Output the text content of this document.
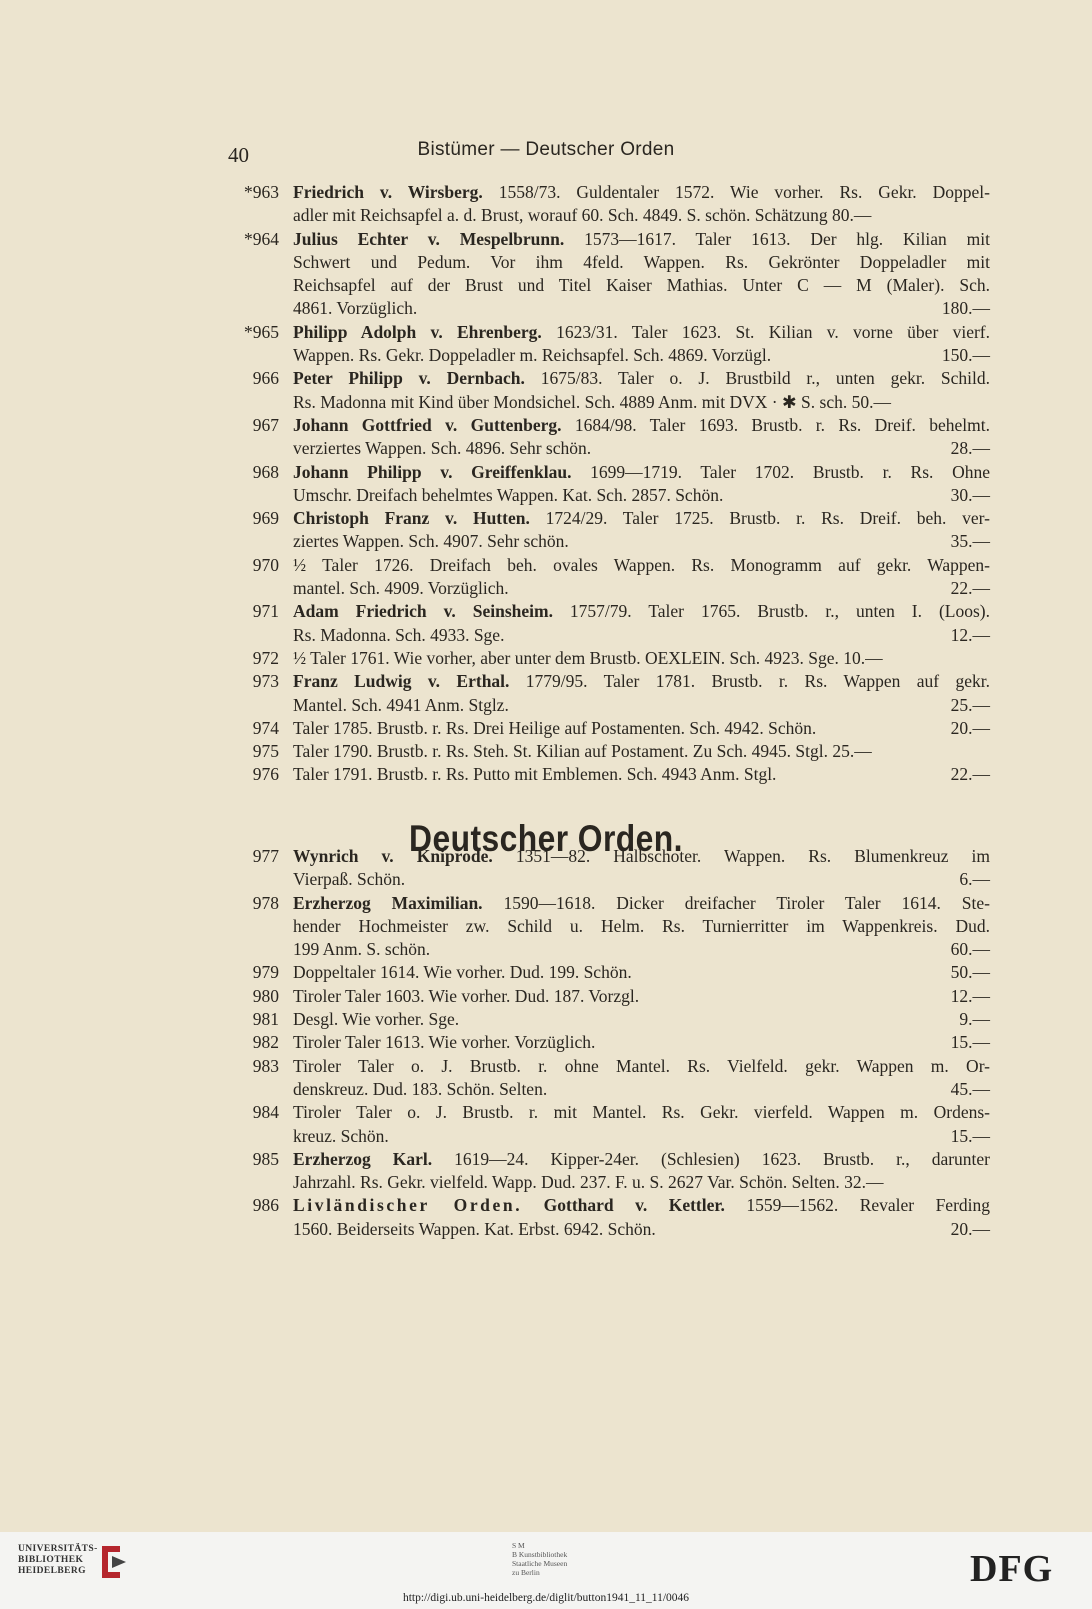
40	Bistümer — Deutscher Orden
*963 Friedrich v. Wirsberg. 1558/73. Guldentaler 1572. Wie vorher. Rs. Gekr. Doppel-
adler mit Reichsapfel a. d. Brust, worauf 60. Sch. 4849. S. schön. Schätzung 80.—
*964 Julius Echter v. Mespelbrunn. 1573—1617. Taler 1613. Der hlg. Kilian mit
Schwert und Pedum. Vor ihm 4feld. Wappen. Rs. Gekrönter Doppeladler mit
Reichsapfel auf der Brust und Titel Kaiser Mathias. Unter C — M (Maler). Sch.
4861. Vorzüglich.	180.—
*965 Philipp Adolph v. Ehrenberg. 1623/31. Taler 1623. St. Kilian v. vorne über vierf.
Wappen. Rs. Gekr. Doppeladler m. Reichsapfel. Sch. 4869. Vorzügl.	150.—
966 Peter Philipp v. Dernbach. 1675/83. Taler o. J. Brustbild r., unten gekr. Schild.
Rs. Madonna mit Kind über Mondsichel. Sch. 4889 Anm. mit DVX · ✱ S. sch. 50.—
967 Johann Gottfried v. Guttenberg. 1684/98. Taler 1693. Brustb. r. Rs. Dreif. behelmt.
verziertes Wappen. Sch. 4896. Sehr schön.	28.—
968 Johann Philipp v. Greiffenklau. 1699—1719. Taler 1702. Brustb. r. Rs. Ohne
Umschr. Dreifach behelmtes Wappen. Kat. Sch. 2857. Schön.	30.—
969 Christoph Franz v. Hutten. 1724/29. Taler 1725. Brustb. r. Rs. Dreif. beh. ver-
ziertes Wappen. Sch. 4907. Sehr schön.	35.—
970 ½ Taler 1726. Dreifach beh. ovales Wappen. Rs. Monogramm auf gekr. Wappen-
mantel. Sch. 4909. Vorzüglich.	22.—
971 Adam Friedrich v. Seinsheim. 1757/79. Taler 1765. Brustb. r., unten I. (Loos).
Rs. Madonna. Sch. 4933. Sge.	12.—
972 ½ Taler 1761. Wie vorher, aber unter dem Brustb. OEXLEIN. Sch. 4923. Sge. 10.—
973 Franz Ludwig v. Erthal. 1779/95. Taler 1781. Brustb. r. Rs. Wappen auf gekr.
Mantel. Sch. 4941 Anm. Stglz.	25.—
974 Taler 1785. Brustb. r. Rs. Drei Heilige auf Postamenten. Sch. 4942. Schön.	20.—
975 Taler 1790. Brustb. r. Rs. Steh. St. Kilian auf Postament. Zu Sch. 4945. Stgl. 25.—
976 Taler 1791. Brustb. r. Rs. Putto mit Emblemen. Sch. 4943 Anm. Stgl.	22.—
Deutscher Orden.
977 Wynrich v. Kniprode. 1351—82. Halbschoter. Wappen. Rs. Blumenkreuz im
Vierpaß. Schön.	6.—
978 Erzherzog Maximilian. 1590—1618. Dicker dreifacher Tiroler Taler 1614. Ste-
hender Hochmeister zw. Schild u. Helm. Rs. Turnierritter im Wappenkreis. Dud.
199 Anm. S. schön.	60.—
979 Doppeltaler 1614. Wie vorher. Dud. 199. Schön.	50.—
980 Tiroler Taler 1603. Wie vorher. Dud. 187. Vorzgl.	12.—
981 Desgl. Wie vorher. Sge.	9.—
982 Tiroler Taler 1613. Wie vorher. Vorzüglich.	15.—
983 Tiroler Taler o. J. Brustb. r. ohne Mantel. Rs. Vielfeld. gekr. Wappen m. Or-
denskreuz. Dud. 183. Schön. Selten.	45.—
984 Tiroler Taler o. J. Brustb. r. mit Mantel. Rs. Gekr. vierfeld. Wappen m. Ordens-
kreuz. Schön.	15.—
985 Erzherzog Karl. 1619—24. Kipper-24er. (Schlesien) 1623. Brustb. r., darunter
Jahrzahl. Rs. Gekr. vielfeld. Wapp. Dud. 237. F. u. S. 2627 Var. Schön. Selten. 32.—
986 Livländischer Orden. Gotthard v. Kettler. 1559—1562. Revaler Ferding
1560. Beiderseits Wappen. Kat. Erbst. 6942. Schön.	20.—
UNIVERSITÄTS-
BIBLIOTHEK
HEIDELBERG
S M
B Kunstbibliothek
Staatliche Museen
zu Berlin	DFG
http://digi.ub.uni-heidelberg.de/diglit/button1941_11_11/0046
